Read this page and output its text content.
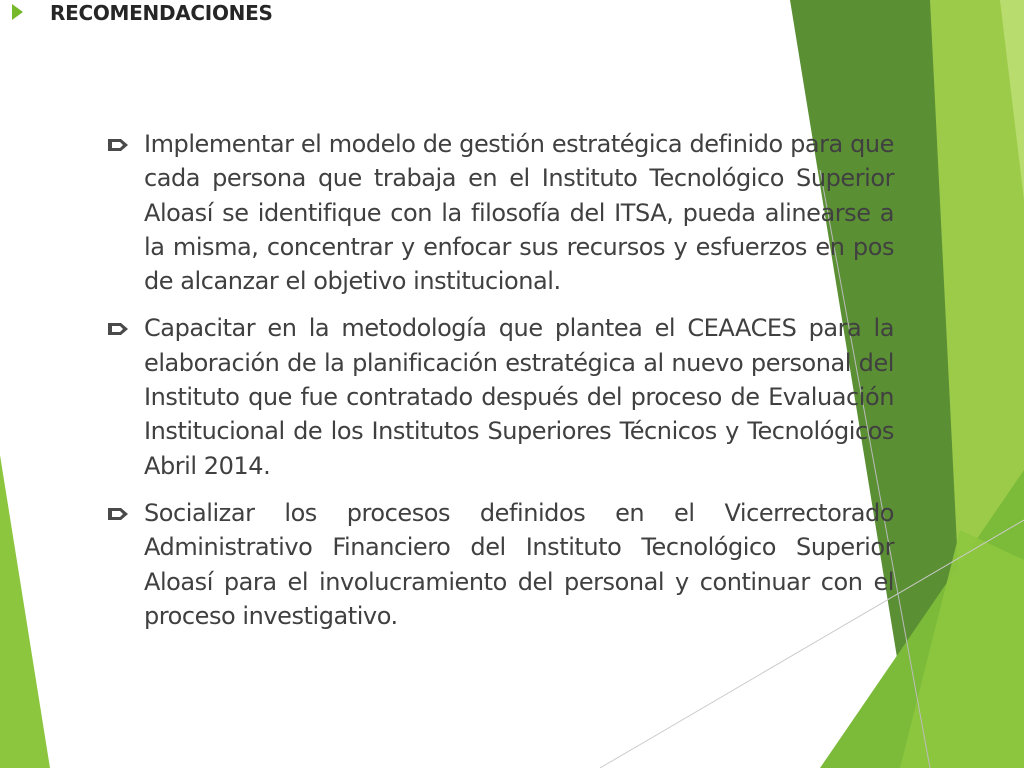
RECOMENDACIONES
Implementar el modelo de gestión estratégica definido para que cada persona que trabaja en el Instituto Tecnológico Superior Aloasí se identifique con la filosofía del ITSA, pueda alinearse a la misma, concentrar y enfocar sus recursos y esfuerzos en pos de alcanzar el objetivo institucional.
Capacitar en la metodología que plantea el CEAACES para la elaboración de la planificación estratégica al nuevo personal del Instituto que fue contratado después del proceso de Evaluación Institucional de los Institutos Superiores Técnicos y Tecnológicos Abril 2014.
Socializar los procesos definidos en el Vicerrectorado Administrativo Financiero del Instituto Tecnológico Superior Aloasí para el involucramiento del personal y continuar con el proceso investigativo.
